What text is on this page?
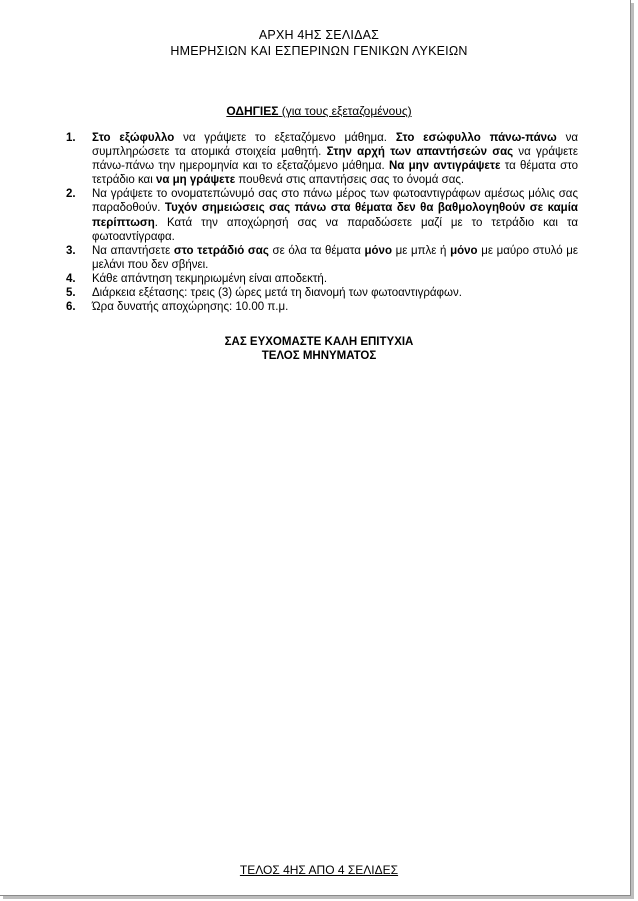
ΑΡΧΗ 4ΗΣ ΣΕΛΙΔΑΣ
ΗΜΕΡΗΣΙΩΝ ΚΑΙ ΕΣΠΕΡΙΝΩΝ ΓΕΝΙΚΩΝ ΛΥΚΕΙΩΝ
ΟΔΗΓΙΕΣ (για τους εξεταζομένους)
1. Στο εξώφυλλο να γράψετε το εξεταζόμενο μάθημα. Στο εσώφυλλο πάνω-πάνω να συμπληρώσετε τα ατομικά στοιχεία μαθητή. Στην αρχή των απαντήσεών σας να γράψετε πάνω-πάνω την ημερομηνία και το εξεταζόμενο μάθημα. Να μην αντιγράψετε τα θέματα στο τετράδιο και να μη γράψετε πουθενά στις απαντήσεις σας το όνομά σας.
2. Να γράψετε το ονοματεπώνυμό σας στο πάνω μέρος των φωτοαντιγράφων αμέσως μόλις σας παραδοθούν. Τυχόν σημειώσεις σας πάνω στα θέματα δεν θα βαθμολογηθούν σε καμία περίπτωση. Κατά την αποχώρησή σας να παραδώσετε μαζί με το τετράδιο και τα φωτοαντίγραφα.
3. Να απαντήσετε στο τετράδιό σας σε όλα τα θέματα μόνο με μπλε ή μόνο με μαύρο στυλό με μελάνι που δεν σβήνει.
4. Κάθε απάντηση τεκμηριωμένη είναι αποδεκτή.
5. Διάρκεια εξέτασης: τρεις (3) ώρες μετά τη διανομή των φωτοαντιγράφων.
6. Ώρα δυνατής αποχώρησης: 10.00 π.μ.
ΣΑΣ ΕΥΧΟΜΑΣΤΕ ΚΑΛΗ ΕΠΙΤΥΧΙΑ
ΤΕΛΟΣ ΜΗΝΥΜΑΤΟΣ
ΤΕΛΟΣ 4ΗΣ ΑΠΟ 4 ΣΕΛΙΔΕΣ
